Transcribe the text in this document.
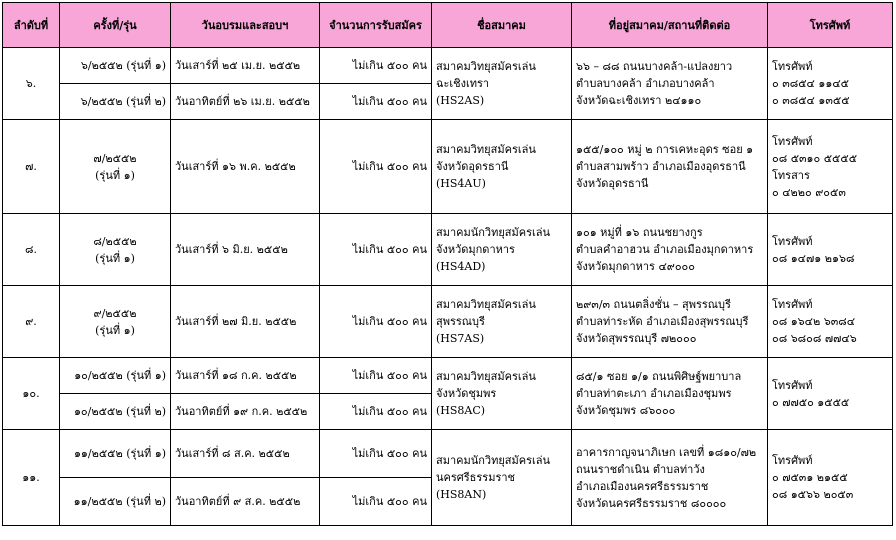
ลำดับที่	ครั้งที่/รุ่น	วันอบรมและสอบฯ	จำนวนการรับสมัคร	ชื่อสมาคม	ที่อยู่สมาคม/สถานที่ติดต่อ	โทรศัพท์
๖.	๖/๒๕๕๒ (รุ่นที่ ๑)	วันเสาร์ที่ ๒๕ เม.ย. ๒๕๕๒	ไม่เกิน ๕๐๐ คน	สมาคมวิทยุสมัครเล่น
ฉะเชิงเทรา
(HS2AS)	๖๖ – ๘๘ ถนนบางคล้า-แปลงยาว
ตำบลบางคล้า อำเภอบางคล้า
จังหวัดฉะเชิงเทรา ๒๔๑๑๐	โทรศัพท์
๐ ๓๘๕๔ ๑๑๔๕
๐ ๓๘๕๔ ๑๓๕๕

	๖/๒๕๕๒ (รุ่นที่ ๒)	วันอาทิตย์ที่ ๒๖ เม.ย. ๒๕๕๒	ไม่เกิน ๕๐๐ คน			
๗.	๗/๒๕๕๒
(รุ่นที่ ๑)	วันเสาร์ที่ ๑๖ พ.ค. ๒๕๕๒	ไม่เกิน ๕๐๐ คน	สมาคมวิทยุสมัครเล่น
จังหวัดอุดรธานี
(HS4AU)	๑๕๕/๑๐๐ หมู่ ๒ การเคหะอุดร ซอย ๑
ตำบลสามพร้าว อำเภอเมืองอุดรธานี
จังหวัดอุดรธานี	โทรศัพท์
๐๘ ๕๓๑๐ ๕๕๕๕
โทรสาร
๐ ๔๒๒๐ ๙๐๕๓

๘.	๘/๒๕๕๒
(รุ่นที่ ๑)	วันเสาร์ที่ ๖ มิ.ย. ๒๕๕๒	ไม่เกิน ๕๐๐ คน	สมาคมนักวิทยุสมัครเล่น
จังหวัดมุกดาหาร
(HS4AD)	๑๐๑ หมู่ที่ ๑๖ ถนนชยางกูร
ตำบลคำอาฮวน อำเภอเมืองมุกดาหาร
จังหวัดมุกดาหาร ๔๙๐๐๐	โทรศัพท์
๐๘ ๑๔๗๑ ๒๑๖๘

๙.	๙/๒๕๕๒
(รุ่นที่ ๑)	วันเสาร์ที่ ๒๗ มิ.ย. ๒๕๕๒	ไม่เกิน ๕๐๐ คน	สมาคมวิทยุสมัครเล่น
สุพรรณบุรี
(HS7AS)	๒๙๓/๓ ถนนตลิ่งชั่น – สุพรรณบุรี
ตำบลท่าระหัด อำเภอเมืองสุพรรณบุรี
จังหวัดสุพรรณบุรี ๗๒๐๐๐	โทรศัพท์
๐๘ ๑๖๔๒ ๖๓๘๔
๐๘ ๖๘๐๘ ๗๗๔๖

๑๐.	๑๐/๒๕๕๒ (รุ่นที่ ๑)	วันเสาร์ที่ ๑๘ ก.ค. ๒๕๕๒	ไม่เกิน ๕๐๐ คน	สมาคมวิทยุสมัครเล่น
จังหวัดชุมพร
(HS8AC)	๘๕/๑ ซอย ๑/๑ ถนนพิศิษฐ์พยาบาล
ตำบลท่าตะเภา อำเภอเมืองชุมพร
จังหวัดชุมพร ๘๖๐๐๐	โทรศัพท์
๐ ๗๗๕๐ ๑๕๕๕

	๑๐/๒๕๕๒ (รุ่นที่ ๒)	วันอาทิตย์ที่ ๑๙ ก.ค. ๒๕๕๒	ไม่เกิน ๕๐๐ คน			
๑๑.	๑๑/๒๕๕๒ (รุ่นที่ ๑)	วันเสาร์ที่ ๘ ส.ค. ๒๕๕๒	ไม่เกิน ๕๐๐ คน	สมาคมนักวิทยุสมัครเล่น
นครศรีธรรมราช
(HS8AN)	อาคารกาญจนาภิเษก เลขที่ ๑๘๑๐/๗๒
ถนนราชดำเนิน ตำบลท่าวัง
อำเภอเมืองนครศรีธรรมราช
จังหวัดนครศรีธรรมราช ๘๐๐๐๐	โทรศัพท์
๐ ๗๕๓๑ ๒๑๕๕
๐๘ ๑๕๖๖ ๒๐๕๓

	๑๑/๒๕๕๒ (รุ่นที่ ๒)	วันอาทิตย์ที่ ๙ ส.ค. ๒๕๕๒	ไม่เกิน ๕๐๐ คน			
